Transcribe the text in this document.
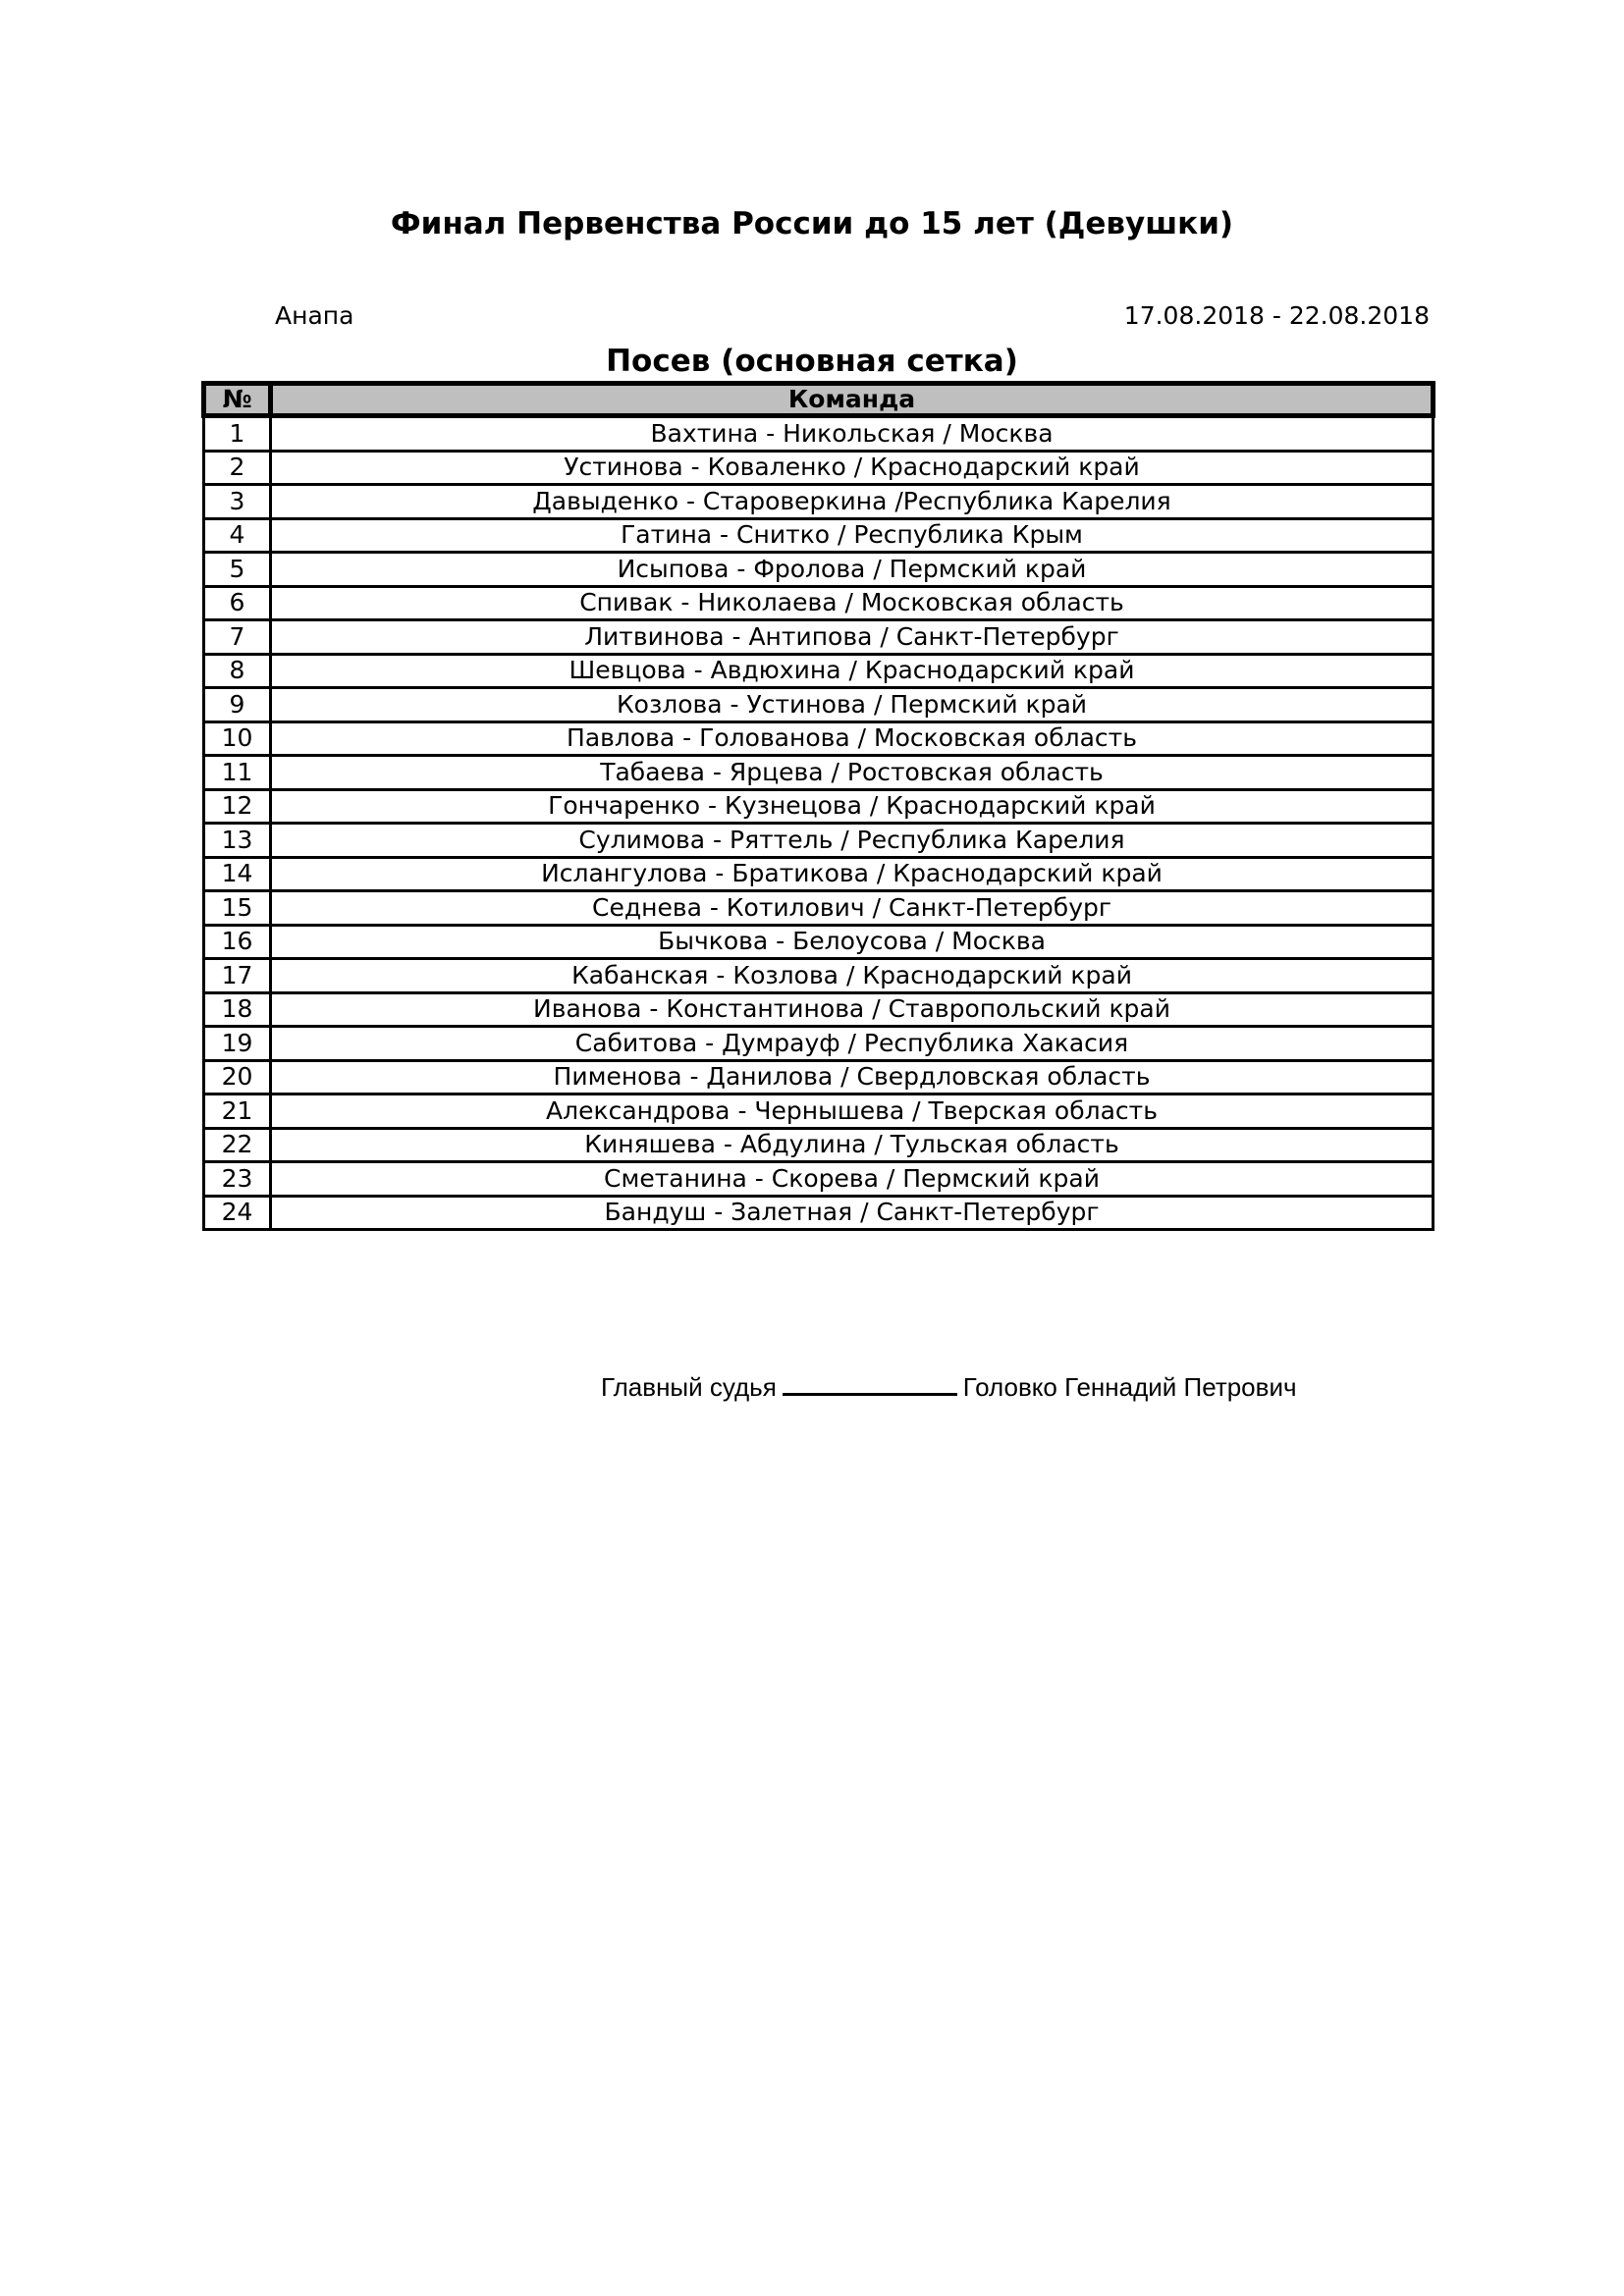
Финал Первенства России до 15 лет (Девушки)
Анапа	17.08.2018 - 22.08.2018
Посев (основная сетка)
№	Команда
1	Вахтина - Никольская / Москва
2	Устинова - Коваленко / Краснодарский край
3	Давыденко - Староверкина /Республика Карелия
4	Гатина - Снитко / Республика Крым
5	Исыпова - Фролова / Пермский край
6	Спивак - Николаева / Московская область
7	Литвинова - Антипова / Санкт-Петербург
8	Шевцова - Авдюхина / Краснодарский край
9	Козлова - Устинова / Пермский край
10	Павлова - Голованова / Московская область
11	Табаева - Ярцева / Ростовская область
12	Гончаренко - Кузнецова / Краснодарский край
13	Сулимова - Ряттель / Республика Карелия
14	Ислангулова - Братикова / Краснодарский край
15	Седнева - Котилович / Санкт-Петербург
16	Бычкова - Белоусова / Москва
17	Кабанская - Козлова / Краснодарский край
18	Иванова - Константинова / Ставропольский край
19	Сабитова - Думрауф / Республика Хакасия
20	Пименова - Данилова / Свердловская область
21	Александрова - Чернышева / Тверская область
22	Киняшева - Абдулина / Тульская область
23	Сметанина - Скорева / Пермский край
24	Бандуш - Залетная / Санкт-Петербург
Главный судья	Головко Геннадий Петрович
